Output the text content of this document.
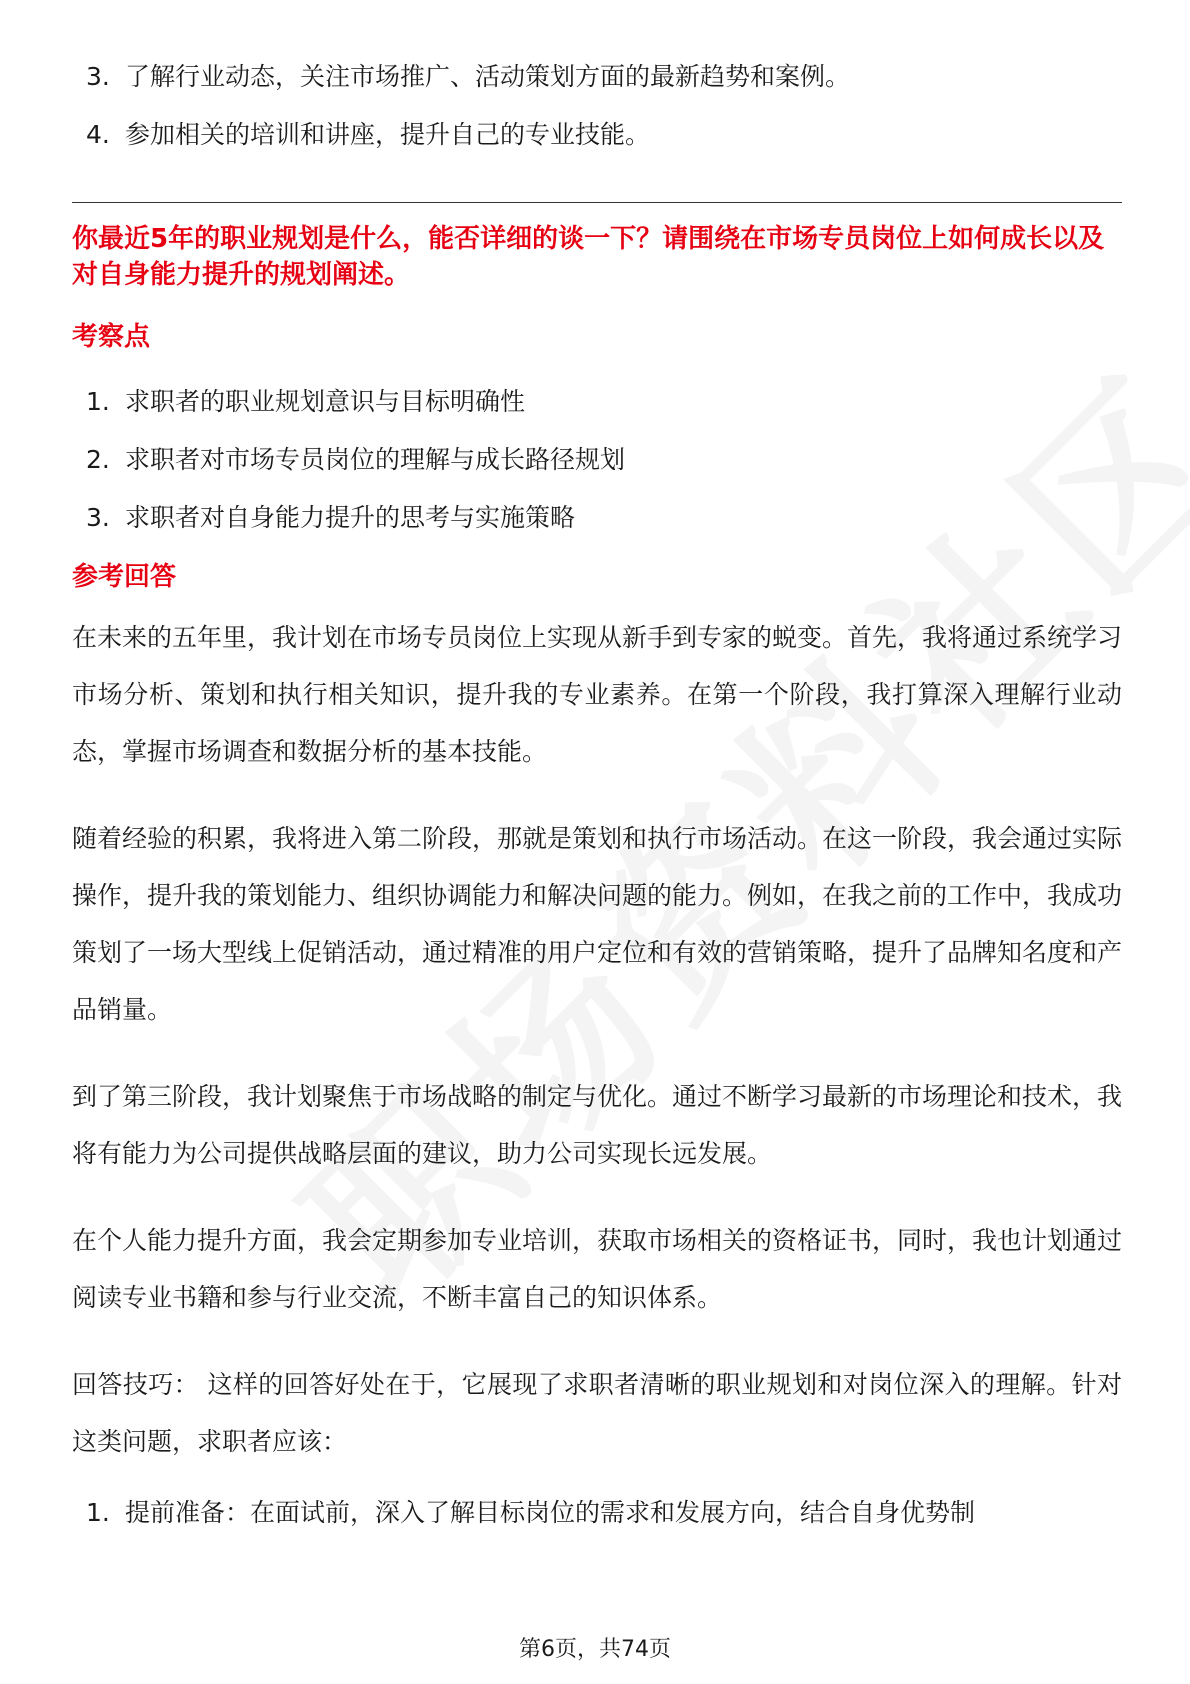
3. 了解行业动态，关注市场推广、活动策划方面的最新趋势和案例。
4. 参加相关的培训和讲座，提升自己的专业技能。

你最近5年的职业规划是什么，能否详细的谈一下？请围绕在市场专员岗位上如何成长以及对自身能力提升的规划阐述。

考察点

1. 求职者的职业规划意识与目标明确性
2. 求职者对市场专员岗位的理解与成长路径规划
3. 求职者对自身能力提升的思考与实施策略

参考回答

在未来的五年里，我计划在市场专员岗位上实现从新手到专家的蜕变。首先，我将通过系统学习市场分析、策划和执行相关知识，提升我的专业素养。在第一个阶段，我打算深入理解行业动态，掌握市场调查和数据分析的基本技能。

随着经验的积累，我将进入第二阶段，那就是策划和执行市场活动。在这一阶段，我会通过实际操作，提升我的策划能力、组织协调能力和解决问题的能力。例如，在我之前的工作中，我成功策划了一场大型线上促销活动，通过精准的用户定位和有效的营销策略，提升了品牌知名度和产品销量。

到了第三阶段，我计划聚焦于市场战略的制定与优化。通过不断学习最新的市场理论和技术，我将有能力为公司提供战略层面的建议，助力公司实现长远发展。

在个人能力提升方面，我会定期参加专业培训，获取市场相关的资格证书，同时，我也计划通过阅读专业书籍和参与行业交流，不断丰富自己的知识体系。

回答技巧： 这样的回答好处在于，它展现了求职者清晰的职业规划和对岗位深入的理解。针对这类问题，求职者应该：

1. 提前准备：在面试前，深入了解目标岗位的需求和发展方向，结合自身优势制
第6页，共74页
